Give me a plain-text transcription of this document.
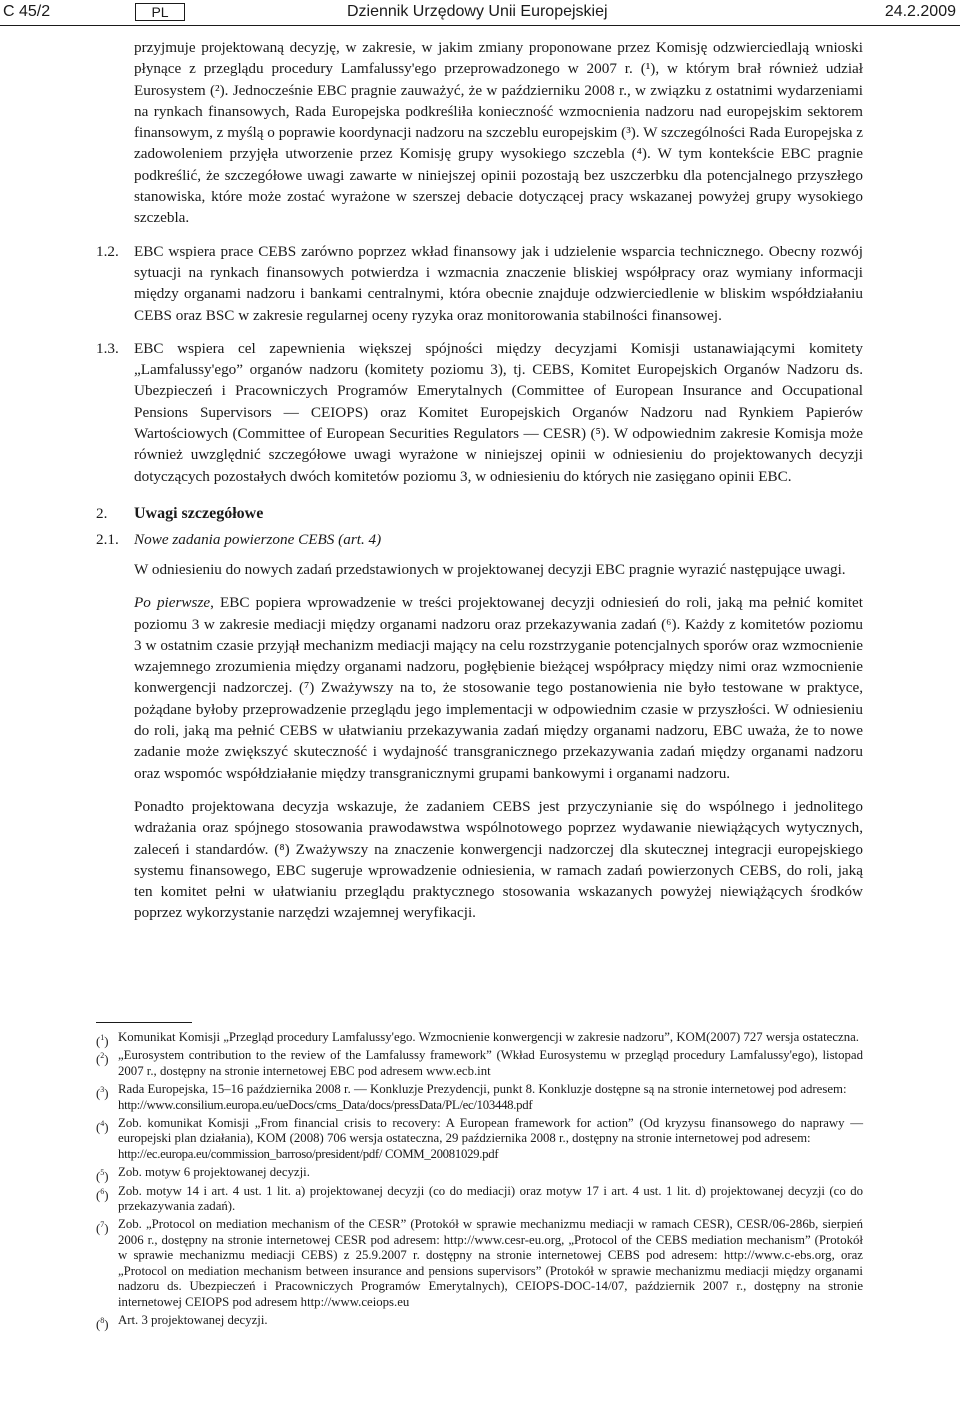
C 45/2	PL	Dziennik Urzędowy Unii Europejskiej	24.2.2009
przyjmuje projektowaną decyzję, w zakresie, w jakim zmiany proponowane przez Komisję odzwierciedlają wnioski płynące z przeglądu procedury Lamfalussy'ego przeprowadzonego w 2007 r. (¹), w którym brał również udział Eurosystem (²). Jednocześnie EBC pragnie zauważyć, że w październiku 2008 r., w związku z ostatnimi wydarzeniami na rynkach finansowych, Rada Europejska podkreśliła konieczność wzmocnienia nadzoru nad europejskim sektorem finansowym, z myślą o poprawie koordynacji nadzoru na szczeblu europejskim (³). W szczególności Rada Europejska z zadowoleniem przyjęła utworzenie przez Komisję grupy wysokiego szczebla (⁴). W tym kontekście EBC pragnie podkreślić, że szczegółowe uwagi zawarte w niniejszej opinii pozostają bez uszczerbku dla potencjalnego przyszłego stanowiska, które może zostać wyrażone w szerszej debacie dotyczącej pracy wskazanej powyżej grupy wysokiego szczebla.
1.2. EBC wspiera prace CEBS zarówno poprzez wkład finansowy jak i udzielenie wsparcia technicznego. Obecny rozwój sytuacji na rynkach finansowych potwierdza i wzmacnia znaczenie bliskiej współpracy oraz wymiany informacji między organami nadzoru i bankami centralnymi, która obecnie znajduje odzwierciedlenie w bliskim współdziałaniu CEBS oraz BSC w zakresie regularnej oceny ryzyka oraz monitorowania stabilności finansowej.
1.3. EBC wspiera cel zapewnienia większej spójności między decyzjami Komisji ustanawiającymi komitety „Lamfalussy'ego” organów nadzoru (komitety poziomu 3), tj. CEBS, Komitet Europejskich Organów Nadzoru ds. Ubezpieczeń i Pracowniczych Programów Emerytalnych (Committee of European Insurance and Occupational Pensions Supervisors — CEIOPS) oraz Komitet Europejskich Organów Nadzoru nad Rynkiem Papierów Wartościowych (Committee of European Securities Regulators — CESR) (⁵). W odpowiednim zakresie Komisja może również uwzględnić szczegółowe uwagi wyrażone w niniejszej opinii w odniesieniu do projektowanych decyzji dotyczących pozostałych dwóch komitetów poziomu 3, w odniesieniu do których nie zasięgano opinii EBC.
2. Uwagi szczegółowe
2.1. Nowe zadania powierzone CEBS (art. 4)
W odniesieniu do nowych zadań przedstawionych w projektowanej decyzji EBC pragnie wyrazić następujące uwagi.
Po pierwsze, EBC popiera wprowadzenie w treści projektowanej decyzji odniesień do roli, jaką ma pełnić komitet poziomu 3 w zakresie mediacji między organami nadzoru oraz przekazywania zadań (⁶). Każdy z komitetów poziomu 3 w ostatnim czasie przyjął mechanizm mediacji mający na celu rozstrzyganie potencjalnych sporów oraz wzmocnienie wzajemnego zrozumienia między organami nadzoru, pogłębienie bieżącej współpracy między nimi oraz wzmocnienie konwergencji nadzorczej. (⁷) Zważywszy na to, że stosowanie tego postanowienia nie było testowane w praktyce, pożądane byłoby przeprowadzenie przeglądu jego implementacji w odpowiednim czasie w przyszłości. W odniesieniu do roli, jaką ma pełnić CEBS w ułatwianiu przekazywania zadań między organami nadzoru, EBC uważa, że to nowe zadanie może zwiększyć skuteczność i wydajność transgranicznego przekazywania zadań między organami nadzoru oraz wspomóc współdziałanie między transgranicznymi grupami bankowymi i organami nadzoru.
Ponadto projektowana decyzja wskazuje, że zadaniem CEBS jest przyczynianie się do wspólnego i jednolitego wdrażania oraz spójnego stosowania prawodawstwa wspólnotowego poprzez wydawanie niewiążących wytycznych, zaleceń i standardów. (⁸) Zważywszy na znaczenie konwergencji nadzorczej dla skutecznej integracji europejskiego systemu finansowego, EBC sugeruje wprowadzenie odniesienia, w ramach zadań powierzonych CEBS, do roli, jaką ten komitet pełni w ułatwianiu przeglądu praktycznego stosowania wskazanych powyżej niewiążących środków poprzez wykorzystanie narzędzi wzajemnej weryfikacji.
($^1$) Komunikat Komisji „Przegląd procedury Lamfalussy'ego. Wzmocnienie konwergencji w zakresie nadzoru”, KOM(2007) 727 wersja ostateczna.
($^2$) „Eurosystem contribution to the review of the Lamfalussy framework” (Wkład Eurosystemu w przegląd procedury Lamfalussy'ego), listopad 2007 r., dostępny na stronie internetowej EBC pod adresem www.ecb.int
($^3$) Rada Europejska, 15–16 października 2008 r. — Konkluzje Prezydencji, punkt 8. Konkluzje dostępne są na stronie internetowej pod adresem:
http://www.consilium.europa.eu/ueDocs/cms_Data/docs/pressData/PL/ec/103448.pdf
($^4$) Zob. komunikat Komisji „From financial crisis to recovery: A European framework for action” (Od kryzysu finansowego do naprawy — europejski plan działania), KOM (2008) 706 wersja ostateczna, 29 października 2008 r., dostępny na stronie internetowej pod adresem:
http://ec.europa.eu/commission_barroso/president/pdf/ COMM_20081029.pdf
($^5$) Zob. motyw 6 projektowanej decyzji.
($^6$) Zob. motyw 14 i art. 4 ust. 1 lit. a) projektowanej decyzji (co do mediacji) oraz motyw 17 i art. 4 ust. 1 lit. d) projektowanej decyzji (co do przekazywania zadań).
($^7$) Zob. „Protocol on mediation mechanism of the CESR” (Protokół w sprawie mechanizmu mediacji w ramach CESR), CESR/06-286b, sierpień 2006 r., dostępny na stronie internetowej CESR pod adresem: http://www.cesr-eu.org, „Protocol of the CEBS mediation mechanism” (Protokół w sprawie mechanizmu mediacji CEBS) z 25.9.2007 r. dostępny na stronie internetowej CEBS pod adresem: http://www.c-ebs.org, oraz „Protocol on mediation mechanism between insurance and pensions supervisors” (Protokół w sprawie mechanizmu mediacji między organami nadzoru ds. Ubezpieczeń i Pracowniczych Programów Emerytalnych), CEIOPS-DOC-14/07, październik 2007 r., dostępny na stronie internetowej CEIOPS pod adresem http://www.ceiops.eu
($^8$) Art. 3 projektowanej decyzji.
